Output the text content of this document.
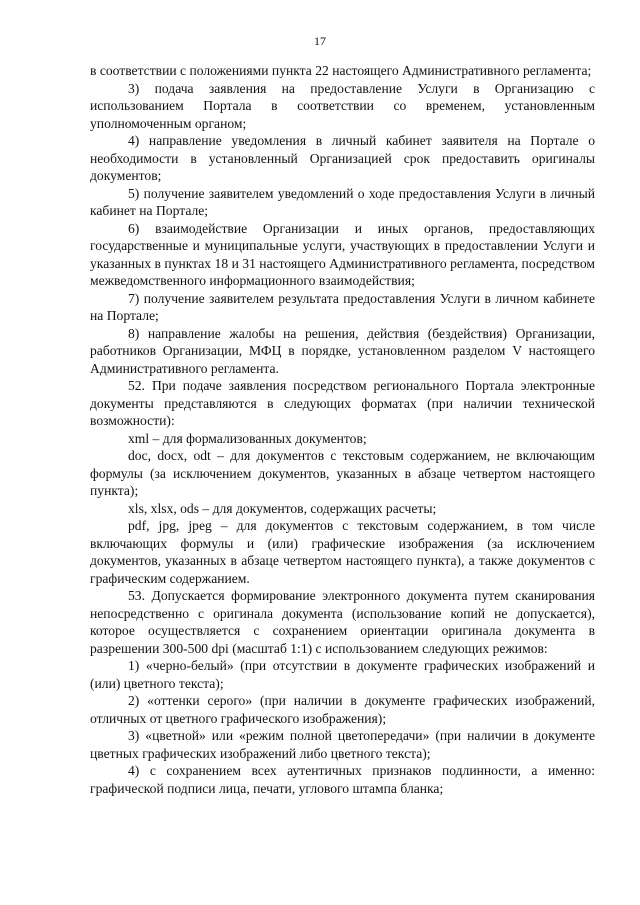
17

в соответствии с положениями пункта 22 настоящего Административного регламента;

3) подача заявления на предоставление Услуги в Организацию с использованием Портала в соответствии со временем, установленным уполномоченным органом;

4) направление уведомления в личный кабинет заявителя на Портале о необходимости в установленный Организацией срок предоставить оригиналы документов;

5) получение заявителем уведомлений о ходе предоставления Услуги в личный кабинет на Портале;

6) взаимодействие Организации и иных органов, предоставляющих государственные и муниципальные услуги, участвующих в предоставлении Услуги и указанных в пунктах 18 и 31 настоящего Административного регламента, посредством межведомственного информационного взаимодействия;

7) получение заявителем результата предоставления Услуги в личном кабинете на Портале;

8) направление жалобы на решения, действия (бездействия) Организации, работников Организации, МФЦ в порядке, установленном разделом V настоящего Административного регламента.

52. При подаче заявления посредством регионального Портала электронные документы представляются в следующих форматах (при наличии технической возможности):

xml – для формализованных документов;

doc, docx, odt – для документов с текстовым содержанием, не включающим формулы (за исключением документов, указанных в абзаце четвертом настоящего пункта);

xls, xlsx, ods – для документов, содержащих расчеты;

pdf, jpg, jpeg – для документов с текстовым содержанием, в том числе включающих формулы и (или) графические изображения (за исключением документов, указанных в абзаце четвертом настоящего пункта), а также документов с графическим содержанием.

53. Допускается формирование электронного документа путем сканирования непосредственно с оригинала документа (использование копий не допускается), которое осуществляется с сохранением ориентации оригинала документа в разрешении 300-500 dpi (масштаб 1:1) с использованием следующих режимов:

1) «черно-белый» (при отсутствии в документе графических изображений и (или) цветного текста);

2) «оттенки серого» (при наличии в документе графических изображений, отличных от цветного графического изображения);

3) «цветной» или «режим полной цветопередачи» (при наличии в документе цветных графических изображений либо цветного текста);

4) с сохранением всех аутентичных признаков подлинности, а именно: графической подписи лица, печати, углового штампа бланка;
